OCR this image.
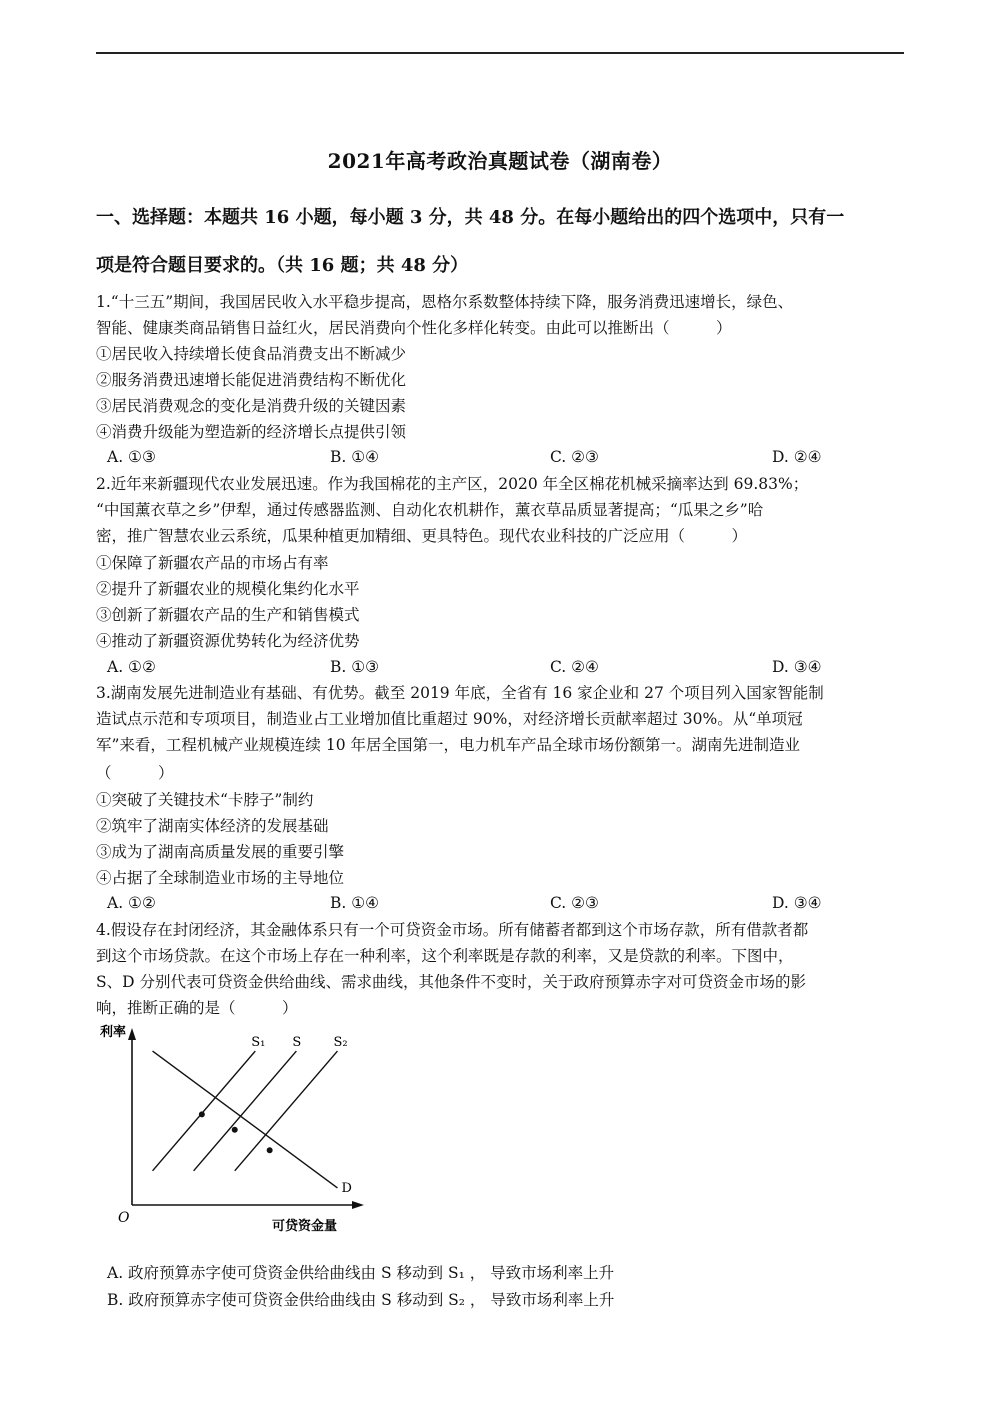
2021年高考政治真题试卷（湖南卷）
一、选择题：本题共 16 小题，每小题 3 分，共 48 分。在每小题给出的四个选项中，只有一
项是符合题目要求的。（共 16 题；共 48 分）
1.“十三五”期间，我国居民收入水平稳步提高，恩格尔系数整体持续下降，服务消费迅速增长，绿色、
智能、健康类商品销售日益红火，居民消费向个性化多样化转变。由此可以推断出（　　　）
①居民收入持续增长使食品消费支出不断减少
②服务消费迅速增长能促进消费结构不断优化
③居民消费观念的变化是消费升级的关键因素
④消费升级能为塑造新的经济增长点提供引领
A. ①③	B. ①④	C. ②③	D. ②④
2.近年来新疆现代农业发展迅速。作为我国棉花的主产区，2020 年全区棉花机械采摘率达到 69.83%；
“中国薰衣草之乡”伊犁，通过传感器监测、自动化农机耕作，薰衣草品质显著提高；“瓜果之乡”哈
密，推广智慧农业云系统，瓜果种植更加精细、更具特色。现代农业科技的广泛应用（　　　）
①保障了新疆农产品的市场占有率
②提升了新疆农业的规模化集约化水平
③创新了新疆农产品的生产和销售模式
④推动了新疆资源优势转化为经济优势
A. ①②	B. ①③	C. ②④	D. ③④
3.湖南发展先进制造业有基础、有优势。截至 2019 年底，全省有 16 家企业和 27 个项目列入国家智能制
造试点示范和专项项目，制造业占工业增加值比重超过 90%，对经济增长贡献率超过 30%。从“单项冠
军”来看，工程机械产业规模连续 10 年居全国第一，电力机车产品全球市场份额第一。湖南先进制造业
（　　　）
①突破了关键技术“卡脖子”制约
②筑牢了湖南实体经济的发展基础
③成为了湖南高质量发展的重要引擎
④占据了全球制造业市场的主导地位
A. ①②	B. ①④	C. ②③	D. ③④
4.假设存在封闭经济，其金融体系只有一个可贷资金市场。所有储蓄者都到这个市场存款，所有借款者都
到这个市场贷款。在这个市场上存在一种利率，这个利率既是存款的利率，又是贷款的利率。下图中，
S、D 分别代表可贷资金供给曲线、需求曲线，其他条件不变时，关于政府预算赤字对可贷资金市场的影
响，推断正确的是（　　　）
利率
可贷资金量
O
S₁ S S₂
D
A. 政府预算赤字使可贷资金供给曲线由 S 移动到 S₁ ， 导致市场利率上升
B. 政府预算赤字使可贷资金供给曲线由 S 移动到 S₂ ， 导致市场利率上升
